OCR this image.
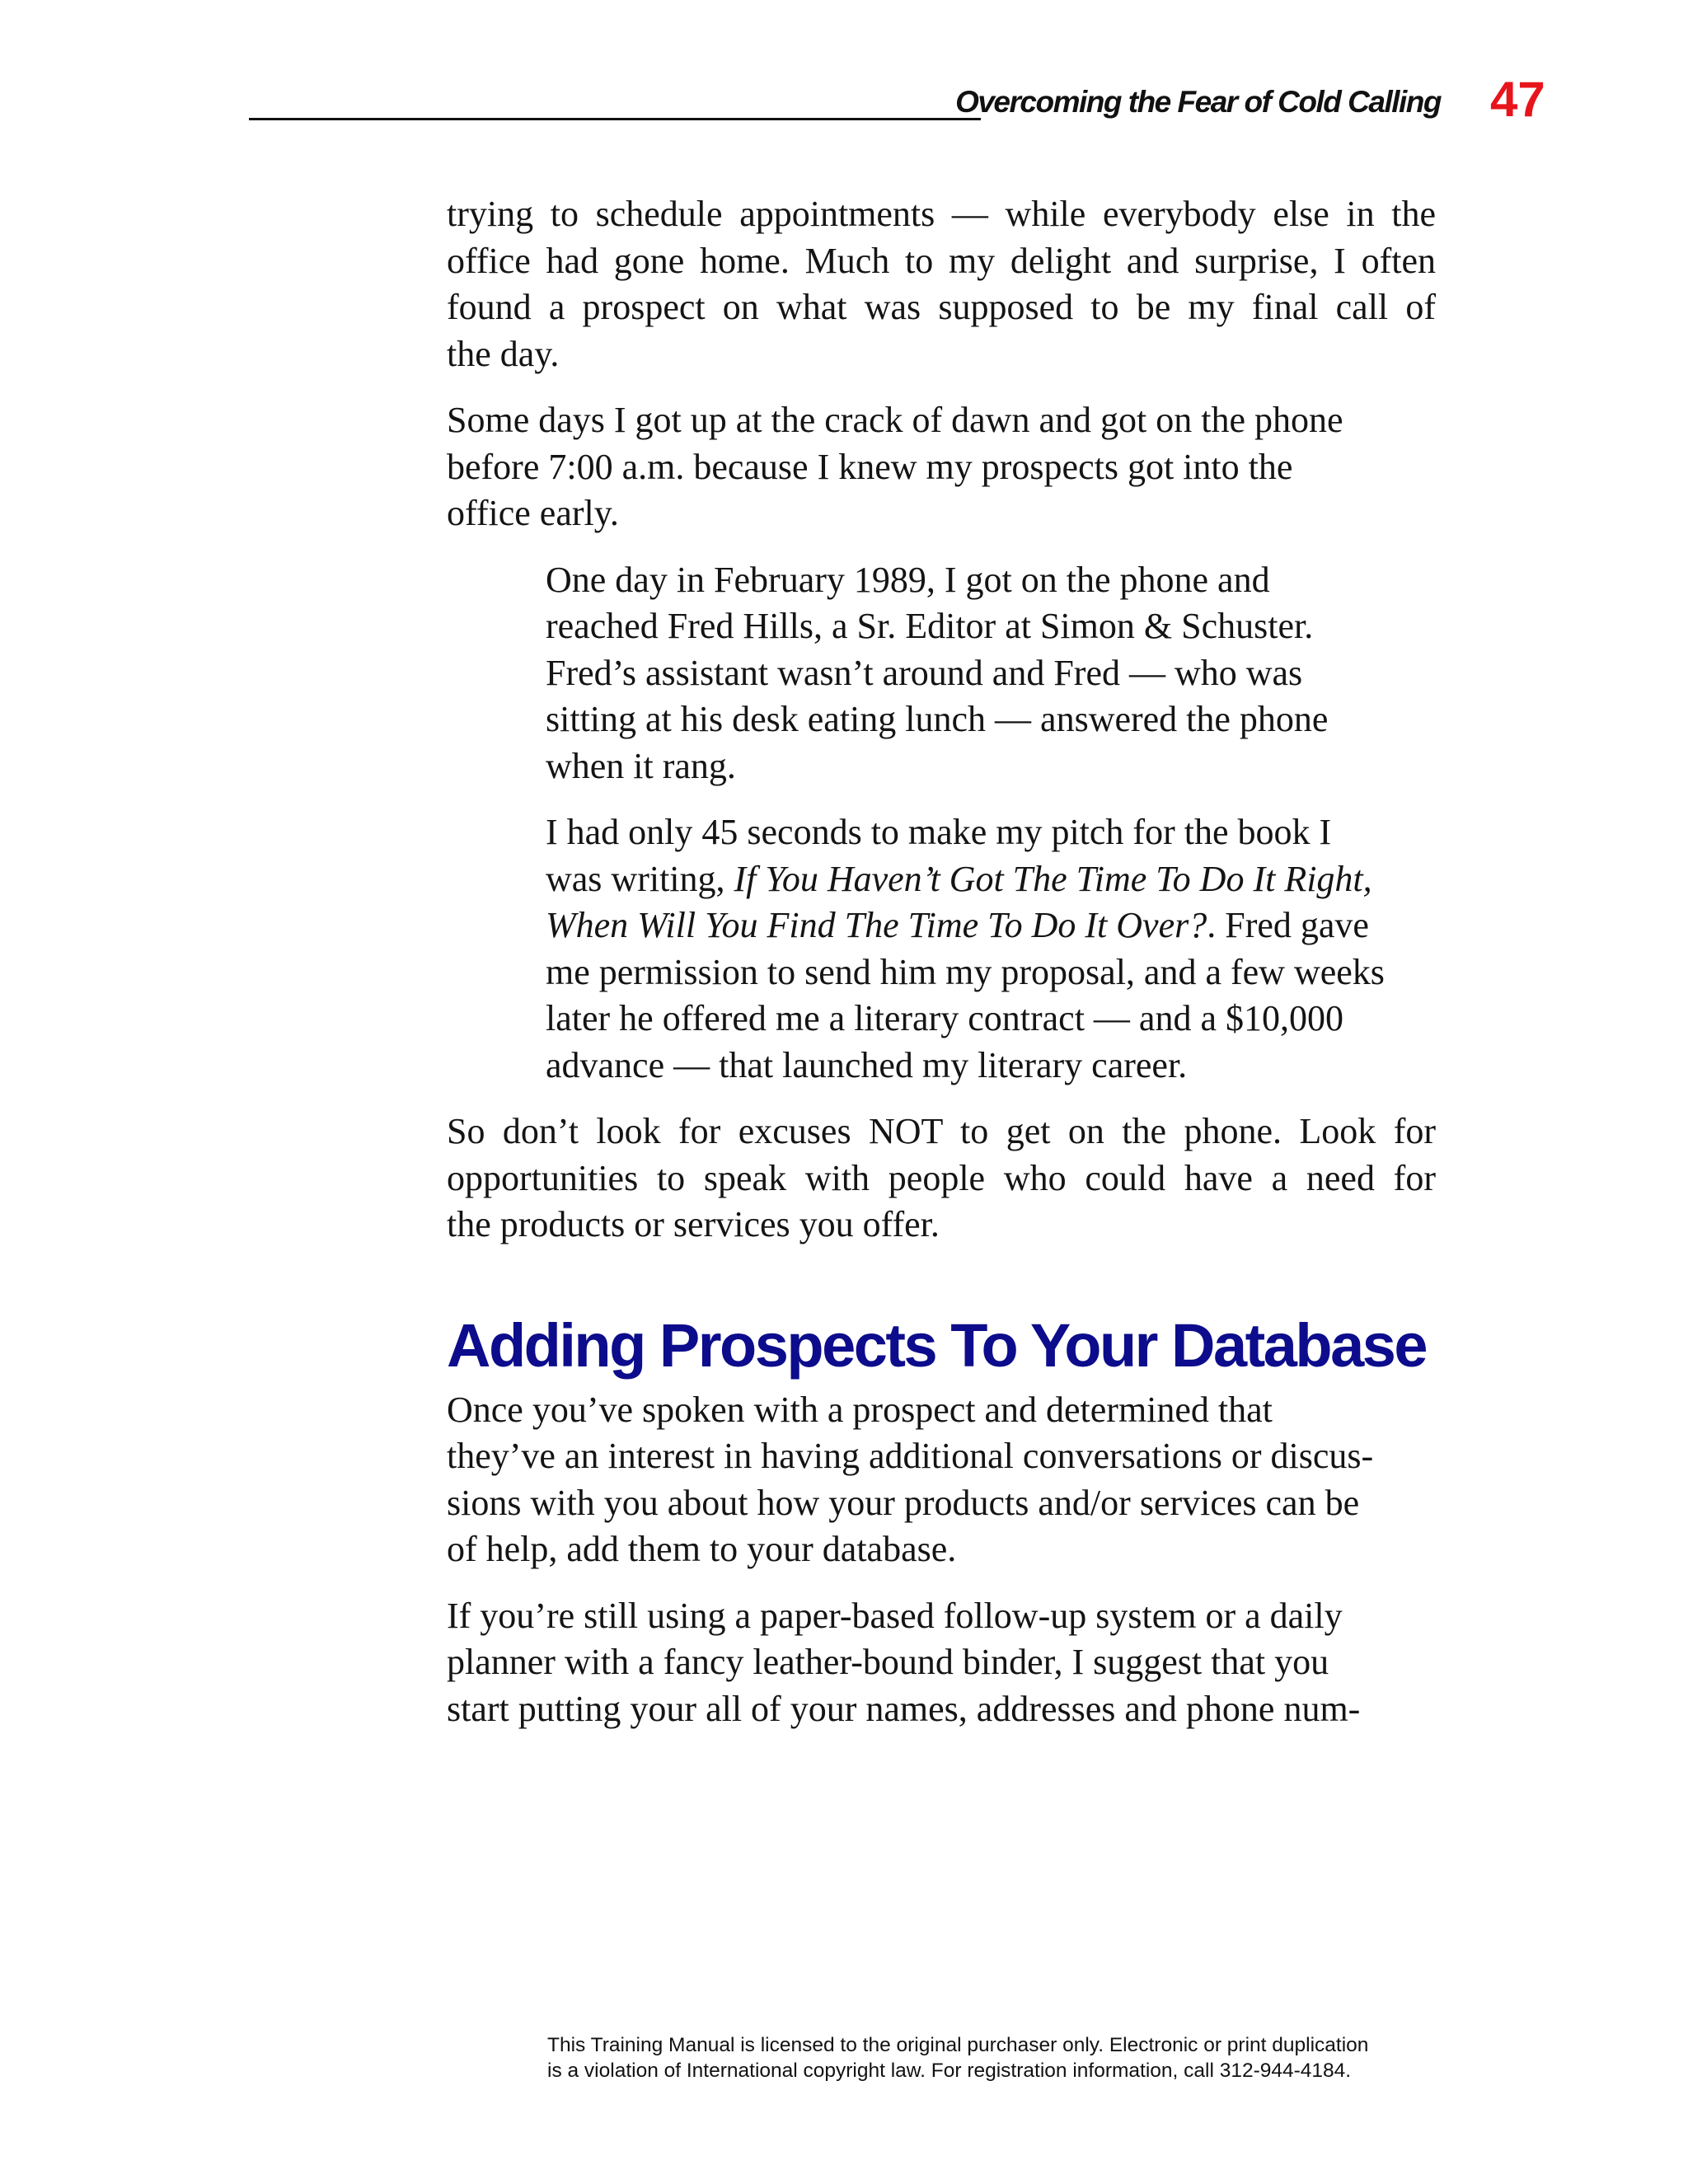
Overcoming the Fear of Cold Calling 47

trying to schedule appointments — while everybody else in the
office had gone home. Much to my delight and surprise, I often
found a prospect on what was supposed to be my final call of
the day.

Some days I got up at the crack of dawn and got on the phone
before 7:00 a.m. because I knew my prospects got into the
office early.

One day in February 1989, I got on the phone and
reached Fred Hills, a Sr. Editor at Simon & Schuster.
Fred’s assistant wasn’t around and Fred — who was
sitting at his desk eating lunch — answered the phone
when it rang.

I had only 45 seconds to make my pitch for the book I
was writing, If You Haven’t Got The Time To Do It Right,
When Will You Find The Time To Do It Over?. Fred gave
me permission to send him my proposal, and a few weeks
later he offered me a literary contract — and a $10,000
advance — that launched my literary career.

So don’t look for excuses NOT to get on the phone. Look for
opportunities to speak with people who could have a need for
the products or services you offer.

Adding Prospects To Your Database

Once you’ve spoken with a prospect and determined that
they’ve an interest in having additional conversations or discus-
sions with you about how your products and/or services can be
of help, add them to your database.

If you’re still using a paper-based follow-up system or a daily
planner with a fancy leather-bound binder, I suggest that you
start putting your all of your names, addresses and phone num-

This Training Manual is licensed to the original purchaser only. Electronic or print duplication
is a violation of International copyright law. For registration information, call 312-944-4184.
